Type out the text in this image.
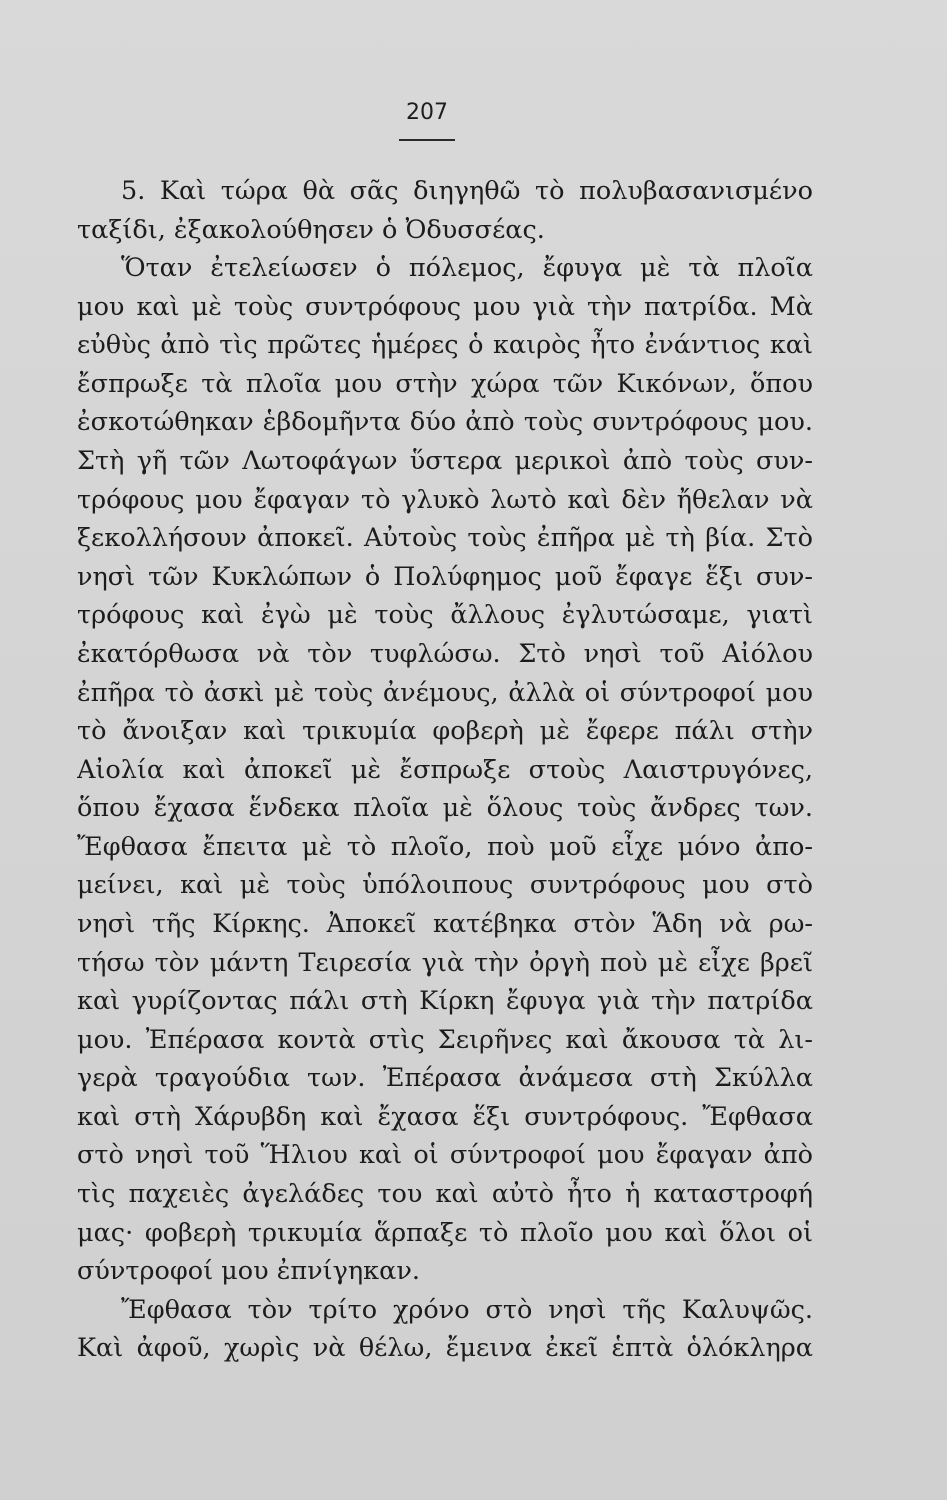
207
5. Καὶ τώρα θὰ σᾶς διηγηθῶ τὸ πολυβασανισμένο
ταξίδι, ἐξακολούθησεν ὁ Ὀδυσσέας.
Ὅταν ἐτελείωσεν ὁ πόλεμος, ἔφυγα μὲ τὰ πλοῖα
μου καὶ μὲ τοὺς συντρόφους μου γιὰ τὴν πατρίδα. Μὰ
εὐθὺς ἀπὸ τὶς πρῶτες ἡμέρες ὁ καιρὸς ἦτο ἐνάντιος καὶ
ἔσπρωξε τὰ πλοῖα μου στὴν χώρα τῶν Κικόνων, ὅπου
ἐσκοτώθηκαν ἑβδομῆντα δύο ἀπὸ τοὺς συντρόφους μου.
Στὴ γῆ τῶν Λωτοφάγων ὕστερα μερικοὶ ἀπὸ τοὺς συν-
τρόφους μου ἔφαγαν τὸ γλυκὸ λωτὸ καὶ δὲν ἤθελαν νὰ
ξεκολλήσουν ἀποκεῖ. Αὐτοὺς τοὺς ἐπῆρα μὲ τὴ βία. Στὸ
νησὶ τῶν Κυκλώπων ὁ Πολύφημος μοῦ ἔφαγε ἕξι συν-
τρόφους καὶ ἐγὼ μὲ τοὺς ἄλλους ἐγλυτώσαμε, γιατὶ
ἐκατόρθωσα νὰ τὸν τυφλώσω. Στὸ νησὶ τοῦ Αἰόλου
ἐπῆρα τὸ ἀσκὶ μὲ τοὺς ἀνέμους, ἀλλὰ οἱ σύντροφοί μου
τὸ ἄνοιξαν καὶ τρικυμία φοβερὴ μὲ ἔφερε πάλι στὴν
Αἰολία καὶ ἀποκεῖ μὲ ἔσπρωξε στοὺς Λαιστρυγόνες,
ὅπου ἔχασα ἕνδεκα πλοῖα μὲ ὅλους τοὺς ἄνδρες των.
Ἔφθασα ἔπειτα μὲ τὸ πλοῖο, ποὺ μοῦ εἶχε μόνο ἀπο-
μείνει, καὶ μὲ τοὺς ὑπόλοιπους συντρόφους μου στὸ
νησὶ τῆς Κίρκης. Ἀποκεῖ κατέβηκα στὸν Ἅδη νὰ ρω-
τήσω τὸν μάντη Τειρεσία γιὰ τὴν ὀργὴ ποὺ μὲ εἶχε βρεῖ
καὶ γυρίζοντας πάλι στὴ Κίρκη ἔφυγα γιὰ τὴν πατρίδα
μου. Ἐπέρασα κοντὰ στὶς Σειρῆνες καὶ ἄκουσα τὰ λι-
γερὰ τραγούδια των. Ἐπέρασα ἀνάμεσα στὴ Σκύλλα
καὶ στὴ Χάρυβδη καὶ ἔχασα ἕξι συντρόφους. Ἔφθασα
στὸ νησὶ τοῦ Ἥλιου καὶ οἱ σύντροφοί μου ἔφαγαν ἀπὸ
τὶς παχειὲς ἀγελάδες του καὶ αὐτὸ ἦτο ἡ καταστροφή
μας· φοβερὴ τρικυμία ἅρπαξε τὸ πλοῖο μου καὶ ὅλοι οἱ
σύντροφοί μου ἐπνίγηκαν.
Ἔφθασα τὸν τρίτο χρόνο στὸ νησὶ τῆς Καλυψῶς.
Καὶ ἀφοῦ, χωρὶς νὰ θέλω, ἔμεινα ἐκεῖ ἑπτὰ ὁλόκληρα
